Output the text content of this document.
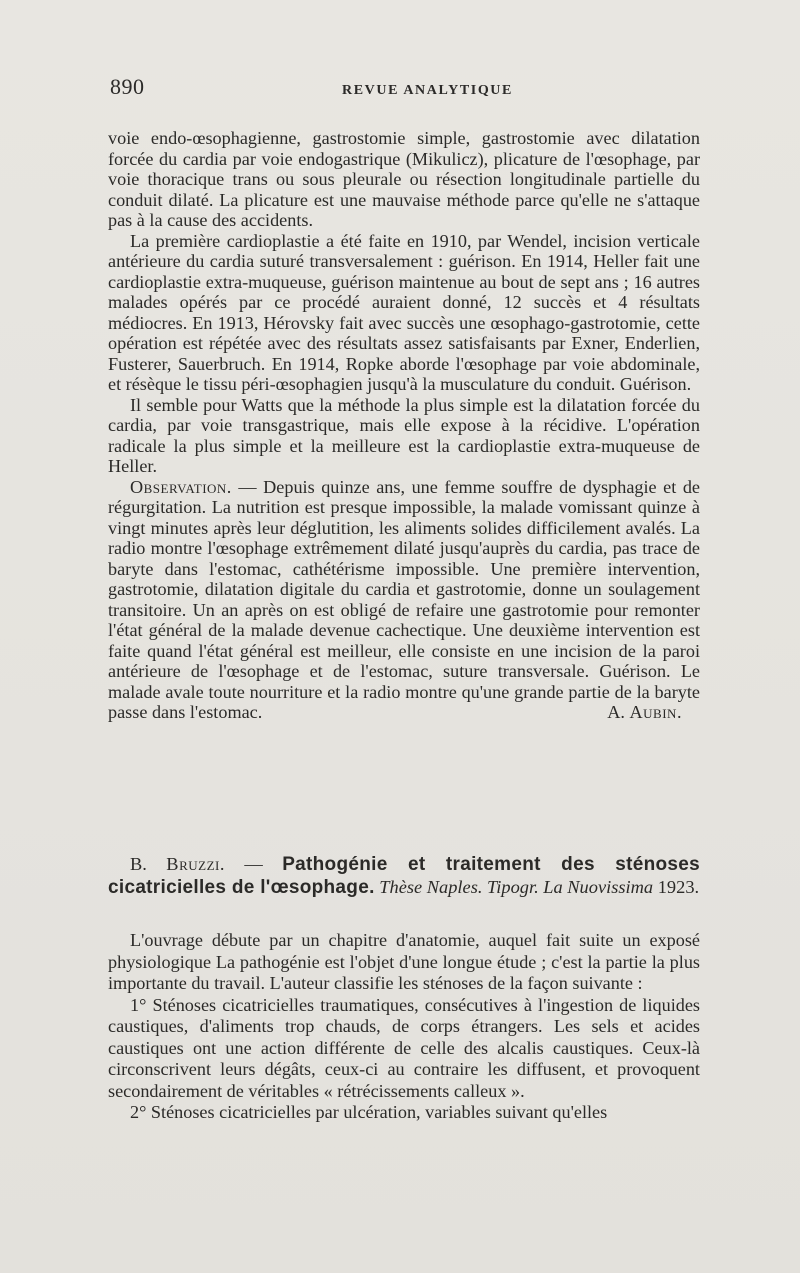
890	REVUE ANALYTIQUE

voie endo-œsophagienne, gastrostomie simple, gastrostomie avec dilatation forcée du cardia par voie endogastrique (Mikulicz), plicature de l'œsophage, par voie thoracique trans ou sous pleurale ou résection longitudinale partielle du conduit dilaté. La plicature est une mauvaise méthode parce qu'elle ne s'attaque pas à la cause des accidents.

La première cardioplastie a été faite en 1910, par Wendel, incision verticale antérieure du cardia suturé transversalement : guérison. En 1914, Heller fait une cardioplastie extra-muqueuse, guérison maintenue au bout de sept ans ; 16 autres malades opérés par ce procédé auraient donné, 12 succès et 4 résultats médiocres. En 1913, Hérovsky fait avec succès une œsophago-gastrotomie, cette opération est répétée avec des résultats assez satisfaisants par Exner, Enderlien, Fusterer, Sauerbruch. En 1914, Ropke aborde l'œsophage par voie abdominale, et résèque le tissu péri-œsophagien jusqu'à la musculature du conduit. Guérison.

Il semble pour Watts que la méthode la plus simple est la dilatation forcée du cardia, par voie transgastrique, mais elle expose à la récidive. L'opération radicale la plus simple et la meilleure est la cardioplastie extra-muqueuse de Heller.

Observation. — Depuis quinze ans, une femme souffre de dysphagie et de régurgitation. La nutrition est presque impossible, la malade vomissant quinze à vingt minutes après leur déglutition, les aliments solides difficilement avalés. La radio montre l'œsophage extrêmement dilaté jusqu'auprès du cardia, pas trace de baryte dans l'estomac, cathétérisme impossible. Une première intervention, gastrotomie, dilatation digitale du cardia et gastrotomie, donne un soulagement transitoire. Un an après on est obligé de refaire une gastrotomie pour remonter l'état général de la malade devenue cachectique. Une deuxième intervention est faite quand l'état général est meilleur, elle consiste en une incision de la paroi antérieure de l'œsophage et de l'estomac, suture transversale. Guérison. Le malade avale toute nourriture et la radio montre qu'une grande partie de la baryte passe dans l'estomac.	A. Aubin.

B. Bruzzi. — Pathogénie et traitement des sténoses cicatricielles de l'œsophage. Thèse Naples. Tipogr. La Nuovissima 1923.

L'ouvrage débute par un chapitre d'anatomie, auquel fait suite un exposé physiologique La pathogénie est l'objet d'une longue étude ; c'est la partie la plus importante du travail. L'auteur classifie les sténoses de la façon suivante :

1° Sténoses cicatricielles traumatiques, consécutives à l'ingestion de liquides caustiques, d'aliments trop chauds, de corps étrangers. Les sels et acides caustiques ont une action différente de celle des alcalis caustiques. Ceux-là circonscrivent leurs dégâts, ceux-ci au contraire les diffusent, et provoquent secondairement de véritables « rétrécissements calleux ».

2° Sténoses cicatricielles par ulcération, variables suivant qu'elles
